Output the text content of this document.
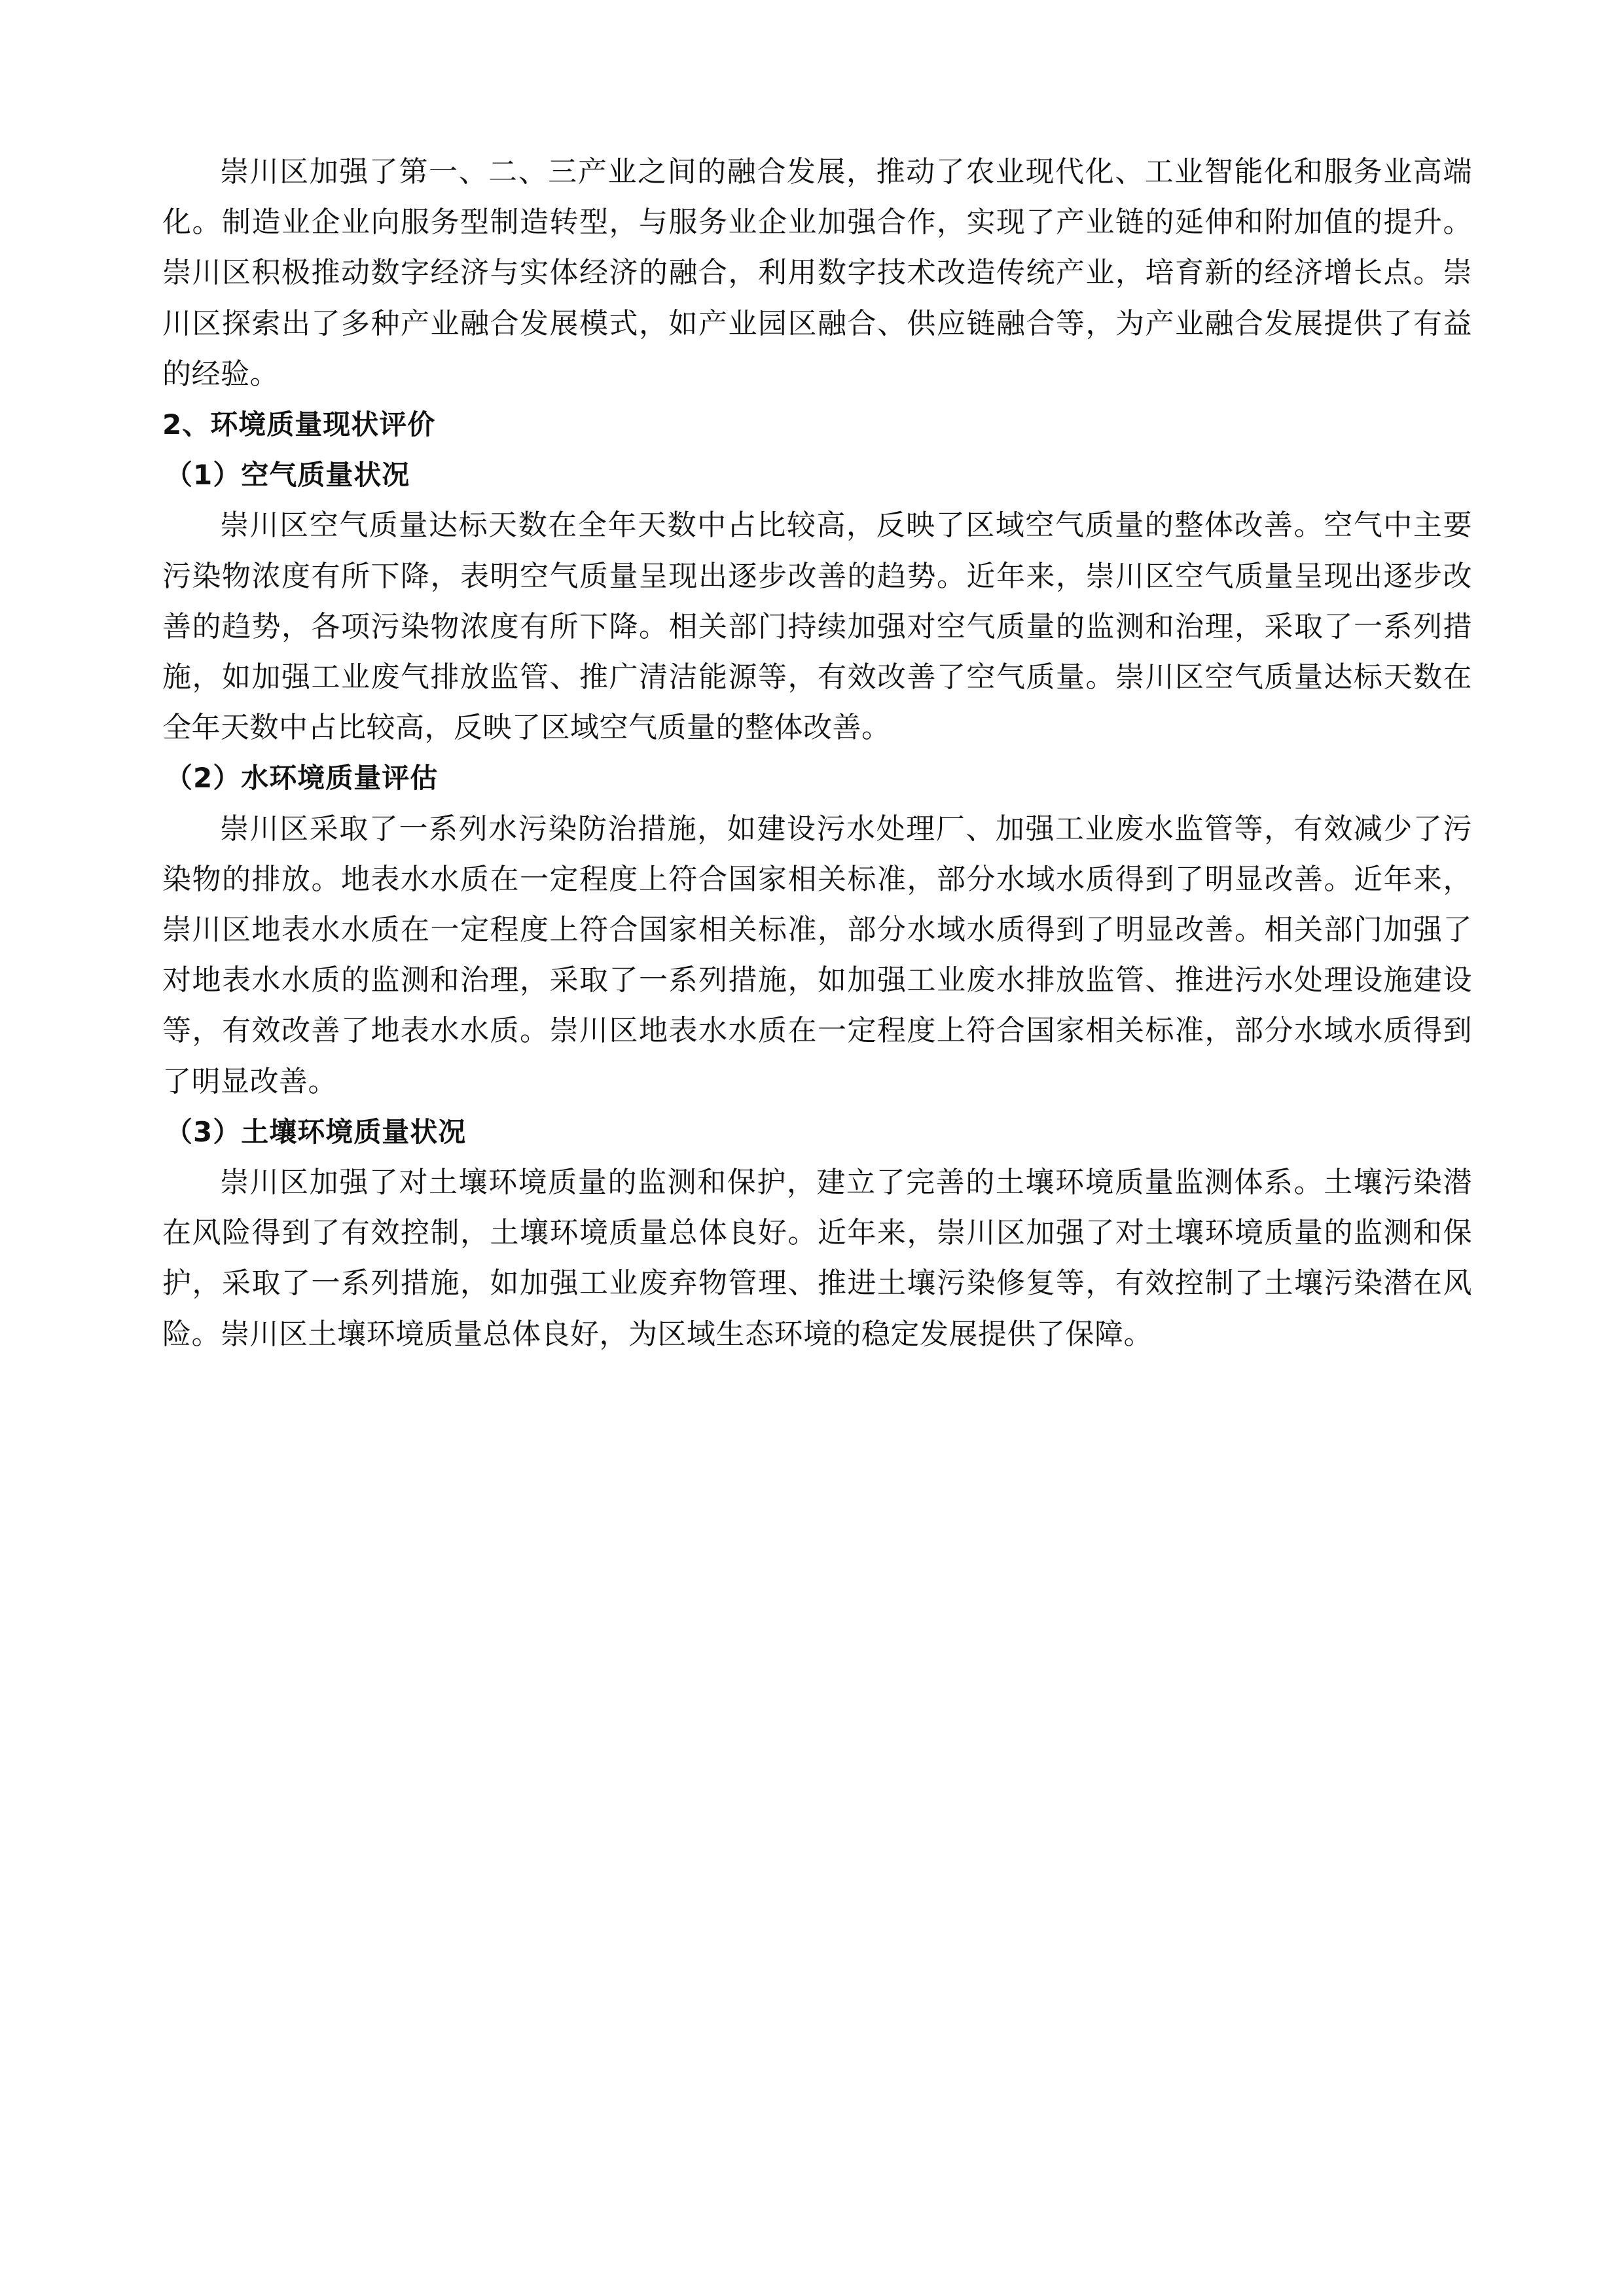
崇川区加强了第一、二、三产业之间的融合发展，推动了农业现代化、工业智能化和服务业高端化。制造业企业向服务型制造转型，与服务业企业加强合作，实现了产业链的延伸和附加值的提升。崇川区积极推动数字经济与实体经济的融合，利用数字技术改造传统产业，培育新的经济增长点。崇川区探索出了多种产业融合发展模式，如产业园区融合、供应链融合等，为产业融合发展提供了有益的经验。

2、环境质量现状评价

（1）空气质量状况

崇川区空气质量达标天数在全年天数中占比较高，反映了区域空气质量的整体改善。空气中主要污染物浓度有所下降，表明空气质量呈现出逐步改善的趋势。近年来，崇川区空气质量呈现出逐步改善的趋势，各项污染物浓度有所下降。相关部门持续加强对空气质量的监测和治理，采取了一系列措施，如加强工业废气排放监管、推广清洁能源等，有效改善了空气质量。崇川区空气质量达标天数在全年天数中占比较高，反映了区域空气质量的整体改善。

（2）水环境质量评估

崇川区采取了一系列水污染防治措施，如建设污水处理厂、加强工业废水监管等，有效减少了污染物的排放。地表水水质在一定程度上符合国家相关标准，部分水域水质得到了明显改善。近年来，崇川区地表水水质在一定程度上符合国家相关标准，部分水域水质得到了明显改善。相关部门加强了对地表水水质的监测和治理，采取了一系列措施，如加强工业废水排放监管、推进污水处理设施建设等，有效改善了地表水水质。崇川区地表水水质在一定程度上符合国家相关标准，部分水域水质得到了明显改善。

（3）土壤环境质量状况

崇川区加强了对土壤环境质量的监测和保护，建立了完善的土壤环境质量监测体系。土壤污染潜在风险得到了有效控制，土壤环境质量总体良好。近年来，崇川区加强了对土壤环境质量的监测和保护，采取了一系列措施，如加强工业废弃物管理、推进土壤污染修复等，有效控制了土壤污染潜在风险。崇川区土壤环境质量总体良好，为区域生态环境的稳定发展提供了保障。
